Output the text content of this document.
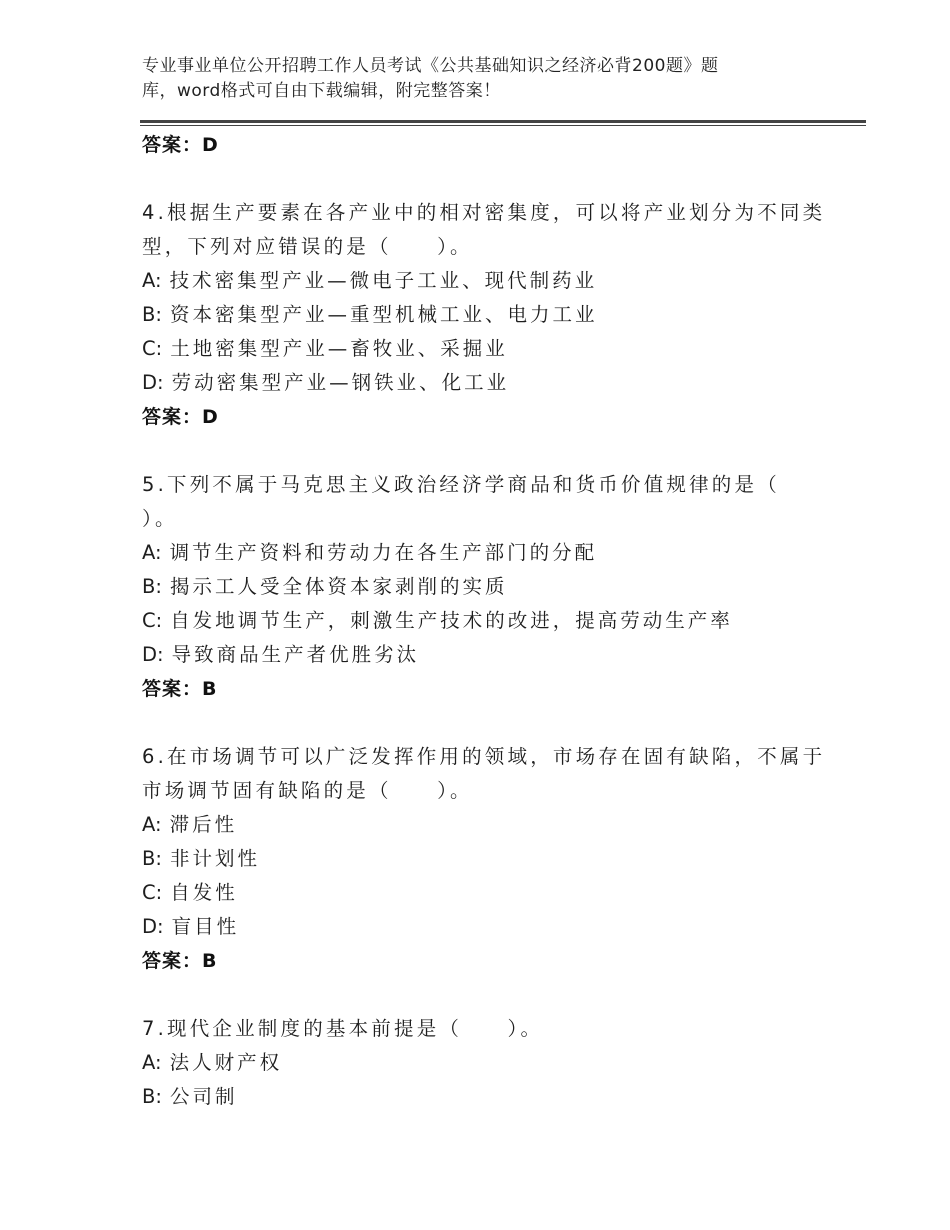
专业事业单位公开招聘工作人员考试《公共基础知识之经济必背200题》题
库，word格式可自由下载编辑，附完整答案！
答案：D
4.根据生产要素在各产业中的相对密集度，可以将产业划分为不同类
型，下列对应错误的是（　　）。
A: 技术密集型产业—微电子工业、现代制药业
B: 资本密集型产业—重型机械工业、电力工业
C: 土地密集型产业—畜牧业、采掘业
D: 劳动密集型产业—钢铁业、化工业
答案：D
5.下列不属于马克思主义政治经济学商品和货币价值规律的是（
）。
A: 调节生产资料和劳动力在各生产部门的分配
B: 揭示工人受全体资本家剥削的实质
C: 自发地调节生产，刺激生产技术的改进，提高劳动生产率
D: 导致商品生产者优胜劣汰
答案：B
6.在市场调节可以广泛发挥作用的领域，市场存在固有缺陷，不属于
市场调节固有缺陷的是（　　）。
A: 滞后性
B: 非计划性
C: 自发性
D: 盲目性
答案：B
7.现代企业制度的基本前提是（　　）。
A: 法人财产权
B: 公司制
